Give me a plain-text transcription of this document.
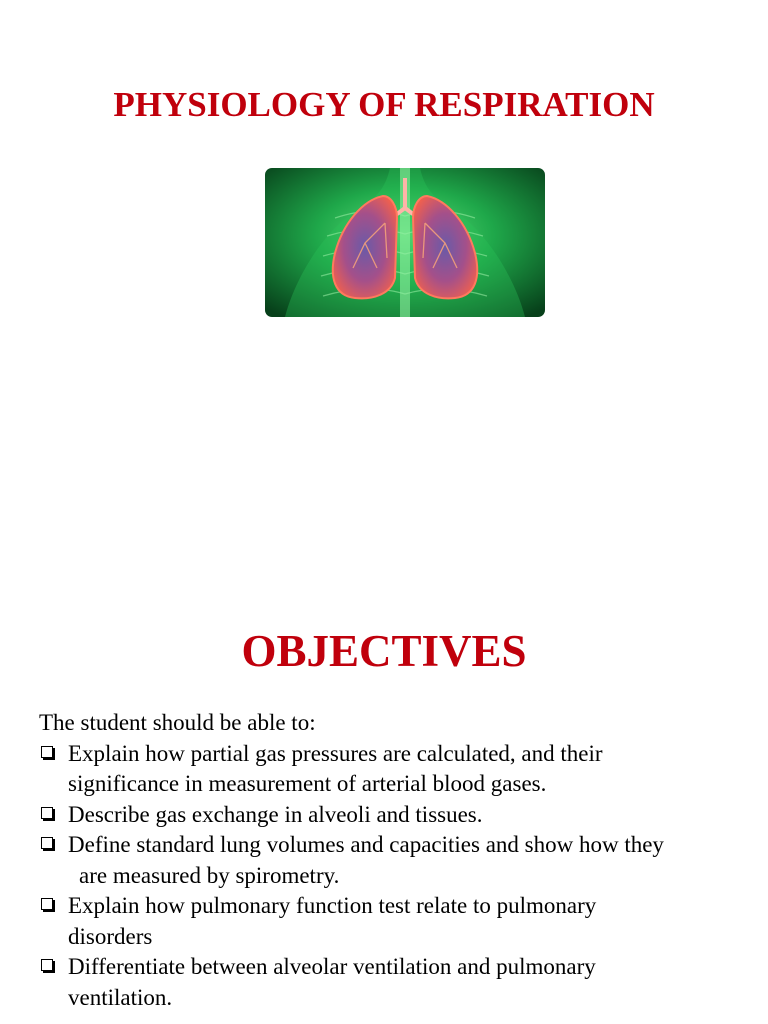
PHYSIOLOGY OF RESPIRATION
OBJECTIVES

The student should be able to:

Explain how partial gas pressures are calculated, and their
significance in measurement of arterial blood gases.
Describe gas exchange in alveoli and tissues.
Define standard lung volumes and capacities and show how they
are measured by spirometry.
Explain how pulmonary function test relate to pulmonary
disorders
Differentiate between alveolar ventilation and pulmonary
ventilation.
